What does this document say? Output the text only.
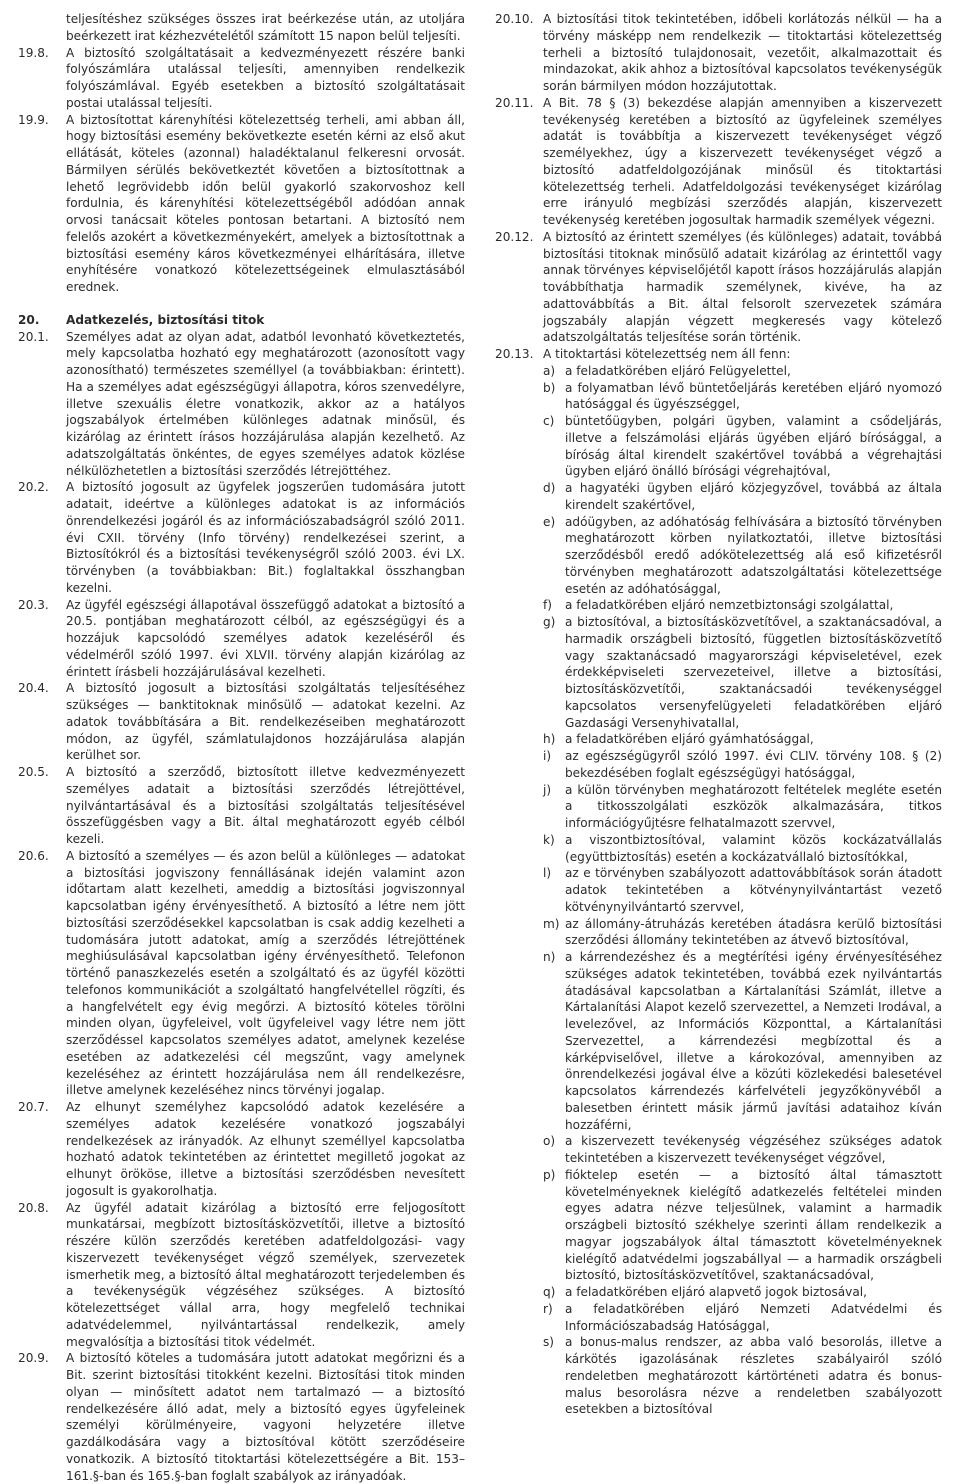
teljesítéshez szükséges összes irat beérkezése után, az utoljára beérkezett irat kézhezvételétől számított 15 napon belül teljesíti.
19.8.	A biztosító szolgáltatásait a kedvezményezett részére banki folyószámlára utalással teljesíti, amennyiben rendelkezik folyószámlával. Egyéb esetekben a biztosító szolgáltatásait postai utalással teljesíti.
19.9.	A biztosítottat kárenyhítési kötelezettség terheli, ami abban áll, hogy biztosítási esemény bekövetkezte esetén kérni az első akut ellátását, köteles (azonnal) haladéktalanul felkeresni orvosát. Bármilyen sérülés bekövetkeztét követően a biztosítottnak a lehető legrövidebb időn belül gyakorló szakorvoshoz kell fordulnia, és kárenyhítési kötelezettségéből adódóan annak orvosi tanácsait köteles pontosan betartani. A biztosító nem felelős azokért a következményekért, amelyek a biztosítottnak a biztosítási esemény káros következményei elhárítására, illetve enyhítésére vonatkozó kötelezettségeinek elmulasztásából erednek.
20.	Adatkezelés, biztosítási titok
20.1.	Személyes adat az olyan adat, adatból levonható következtetés, mely kapcsolatba hozható egy meghatározott (azonosított vagy azonosítható) természetes személlyel (a továbbiakban: érintett). Ha a személyes adat egészségügyi állapotra, kóros szenvedélyre, illetve szexuális életre vonatkozik, akkor az a hatályos jogszabályok értelmében különleges adatnak minősül, és kizárólag az érintett írásos hozzájárulása alapján kezelhető. Az adatszolgáltatás önkéntes, de egyes személyes adatok közlése nélkülözhetetlen a biztosítási szerződés létrejöttéhez.
20.2.	A biztosító jogosult az ügyfelek jogszerűen tudomására jutott adatait, ideértve a különleges adatokat is az információs önrendelkezési jogáról és az információszabadságról szóló 2011. évi CXII. törvény (Info törvény) rendelkezései szerint, a Biztosítókról és a biztosítási tevékenységről szóló 2003. évi LX. törvényben (a továbbiakban: Bit.) foglaltakkal összhangban kezelni.
20.3.	Az ügyfél egészségi állapotával összefüggő adatokat a biztosító a 20.5. pontjában meghatározott célból, az egészségügyi és a hozzájuk kapcsolódó személyes adatok kezeléséről és védelméről szóló 1997. évi XLVII. törvény alapján kizárólag az érintett írásbeli hozzájárulásával kezelheti.
20.4.	A biztosító jogosult a biztosítási szolgáltatás teljesítéséhez szükséges — banktitoknak minősülő — adatokat kezelni. Az adatok továbbítására a Bit. rendelkezéseiben meghatározott módon, az ügyfél, számlatulajdonos hozzájárulása alapján kerülhet sor.
20.5.	A biztosító a szerződő, biztosított illetve kedvezményezett személyes adatait a biztosítási szerződés létrejöttével, nyilvántartásával és a biztosítási szolgáltatás teljesítésével összefüggésben vagy a Bit. által meghatározott egyéb célból kezeli.
20.6.	A biztosító a személyes — és azon belül a különleges — adatokat a biztosítási jogviszony fennállásának idején valamint azon időtartam alatt kezelheti, ameddig a biztosítási jogviszonnyal kapcsolatban igény érvényesíthető. A biztosító a létre nem jött biztosítási szerződésekkel kapcsolatban is csak addig kezelheti a tudomására jutott adatokat, amíg a szerződés létrejöttének meghiúsulásával kapcsolatban igény érvényesíthető. Telefonon történő panaszkezelés esetén a szolgáltató és az ügyfél közötti telefonos kommunikációt a szolgáltató hangfelvétellel rögzíti, és a hangfelvételt egy évig megőrzi. A biztosító köteles törölni minden olyan, ügyfeleivel, volt ügyfeleivel vagy létre nem jött szerződéssel kapcsolatos személyes adatot, amelynek kezelése esetében az adatkezelési cél megszűnt, vagy amelynek kezeléséhez az érintett hozzájárulása nem áll rendelkezésre, illetve amelynek kezeléséhez nincs törvényi jogalap.
20.7.	Az elhunyt személyhez kapcsolódó adatok kezelésére a személyes adatok kezelésére vonatkozó jogszabályi rendelkezések az irányadók. Az elhunyt személlyel kapcsolatba hozható adatok tekintetében az érintettet megillető jogokat az elhunyt örököse, illetve a biztosítási szerződésben nevesített jogosult is gyakorolhatja.
20.8.	Az ügyfél adatait kizárólag a biztosító erre feljogosított munkatársai, megbízott biztosításközvetítői, illetve a biztosító részére külön szerződés keretében adatfeldolgozási- vagy kiszervezett tevékenységet végző személyek, szervezetek ismerhetik meg, a biztosító által meghatározott terjedelemben és a tevékenységük végzéséhez szükséges. A biztosító kötelezettséget vállal arra, hogy megfelelő technikai adatvédelemmel, nyilvántartással rendelkezik, amely megvalósítja a biztosítási titok védelmét.
20.9.	A biztosító köteles a tudomására jutott adatokat megőrizni és a Bit. szerint biztosítási titokként kezelni. Biztosítási titok minden olyan — minősített adatot nem tartalmazó — a biztosító rendelkezésére álló adat, mely a biztosító egyes ügyfeleinek személyi körülményeire, vagyoni helyzetére illetve gazdálkodására vagy a biztosítóval kötött szerződéseire vonatkozik. A biztosító titoktartási kötelezettségére a Bit. 153–161.§-ban és 165.§-ban foglalt szabályok az irányadóak.
20.10. A biztosítási titok tekintetében, időbeli korlátozás nélkül — ha a törvény másképp nem rendelkezik — titoktartási kötelezettség terheli a biztosító tulajdonosait, vezetőit, alkalmazottait és mindazokat, akik ahhoz a biztosítóval kapcsolatos tevékenységük során bármilyen módon hozzájutottak.
20.11. A Bit. 78 § (3) bekezdése alapján amennyiben a kiszervezett tevékenység keretében a biztosító az ügyfeleinek személyes adatát is továbbítja a kiszervezett tevékenységet végző személyekhez, úgy a kiszervezett tevékenységet végző a biztosító adatfeldolgozójának minősül és titoktartási kötelezettség terheli. Adatfeldolgozási tevékenységet kizárólag erre irányuló megbízási szerződés alapján, kiszervezett tevékenység keretében jogosultak harmadik személyek végezni.
20.12. A biztosító az érintett személyes (és különleges) adatait, továbbá biztosítási titoknak minősülő adatait kizárólag az érintettől vagy annak törvényes képviselőjétől kapott írásos hozzájárulás alapján továbbíthatja harmadik személynek, kivéve, ha az adattovábbítás a Bit. által felsorolt szervezetek számára jogszabály alapján végzett megkeresés vagy kötelező adatszolgáltatás teljesítése során történik.
20.13. A titoktartási kötelezettség nem áll fenn:
a) a feladatkörében eljáró Felügyelettel,
b) a folyamatban lévő büntetőeljárás keretében eljáró nyomozó hatósággal és ügyészséggel,
c) büntetőügyben, polgári ügyben, valamint a csődeljárás, illetve a felszámolási eljárás ügyében eljáró bírósággal, a bíróság által kirendelt szakértővel továbbá a végrehajtási ügyben eljáró önálló bírósági végrehajtóval,
d) a hagyatéki ügyben eljáró közjegyzővel, továbbá az általa kirendelt szakértővel,
e) adóügyben, az adóhatóság felhívására a biztosító törvényben meghatározott körben nyilatkoztatói, illetve biztosítási szerződésből eredő adókötelezettség alá eső kifizetésről törvényben meghatározott adatszolgáltatási kötelezettsége esetén az adóhatósággal,
f)	a feladatkörében eljáró nemzetbiztonsági szolgálattal,
g) a biztosítóval, a biztosításközvetítővel, a szaktanácsadóval, a harmadik országbeli biztosító, független biztosításközvetítő vagy szaktanácsadó magyarországi képviseletével, ezek érdekképviseleti szervezeteivel, illetve a biztosítási, biztosításközvetítői, szaktanácsadói tevékenységgel kapcsolatos versenyfelügyeleti feladatkörében eljáró Gazdasági Versenyhivatallal,
h) a feladatkörében eljáró gyámhatósággal,
i)	az egészségügyről szóló 1997. évi CLIV. törvény 108. § (2) bekezdésében foglalt egészségügyi hatósággal,
j)	a külön törvényben meghatározott feltételek megléte esetén a titkosszolgálati eszközök alkalmazására, titkos információgyűjtésre felhatalmazott szervvel,
k) a viszontbiztosítóval, valamint közös kockázatvállalás (együttbiztosítás) esetén a kockázatvállaló biztosítókkal,
l)	az e törvényben szabályozott adattovábbítások során átadott adatok tekintetében a kötvénynyilvántartást vezető kötvénynyilvántartó szervvel,
m) az állomány-átruházás keretében átadásra kerülő biztosítási szerződési állomány tekintetében az átvevő biztosítóval,
n) a kárrendezéshez és a megtérítési igény érvényesítéséhez szükséges adatok tekintetében, továbbá ezek nyilvántartás átadásával kapcsolatban a Kártalanítási Számlát, illetve a Kártalanítási Alapot kezelő szervezettel, a Nemzeti Irodával, a levelezővel, az Információs Központtal, a Kártalanítási Szervezettel, a kárrendezési megbízottal és a kárképviselővel, illetve a károkozóval, amennyiben az önrendelkezési jogával élve a közúti közlekedési balesetével kapcsolatos kárrendezés kárfelvételi jegyzőkönyvéből a balesetben érintett másik jármű javítási adataihoz kíván hozzáférni,
o) a kiszervezett tevékenység végzéséhez szükséges adatok tekintetében a kiszervezett tevékenységet végzővel,
p) fióktelep esetén — a biztosító által támasztott követelményeknek kielégítő adatkezelés feltételei minden egyes adatra nézve teljesülnek, valamint a harmadik országbeli biztosító székhelye szerinti állam rendelkezik a magyar jogszabályok által támasztott követelményeknek kielégítő adatvédelmi jogszabállyal — a harmadik országbeli biztosító, biztosításközvetítővel, szaktanácsadóval,
q) a feladatkörében eljáró alapvető jogok biztosával,
r)	a feladatkörében eljáró Nemzeti Adatvédelmi és Információszabadság Hatósággal,
s) a bonus-malus rendszer, az abba való besorolás, illetve a kárkötés igazolásának részletes szabályairól szóló rendeletben meghatározott kártörténeti adatra és bonus-malus besorolásra nézve a rendeletben szabályozott esetekben a biztosítóval
